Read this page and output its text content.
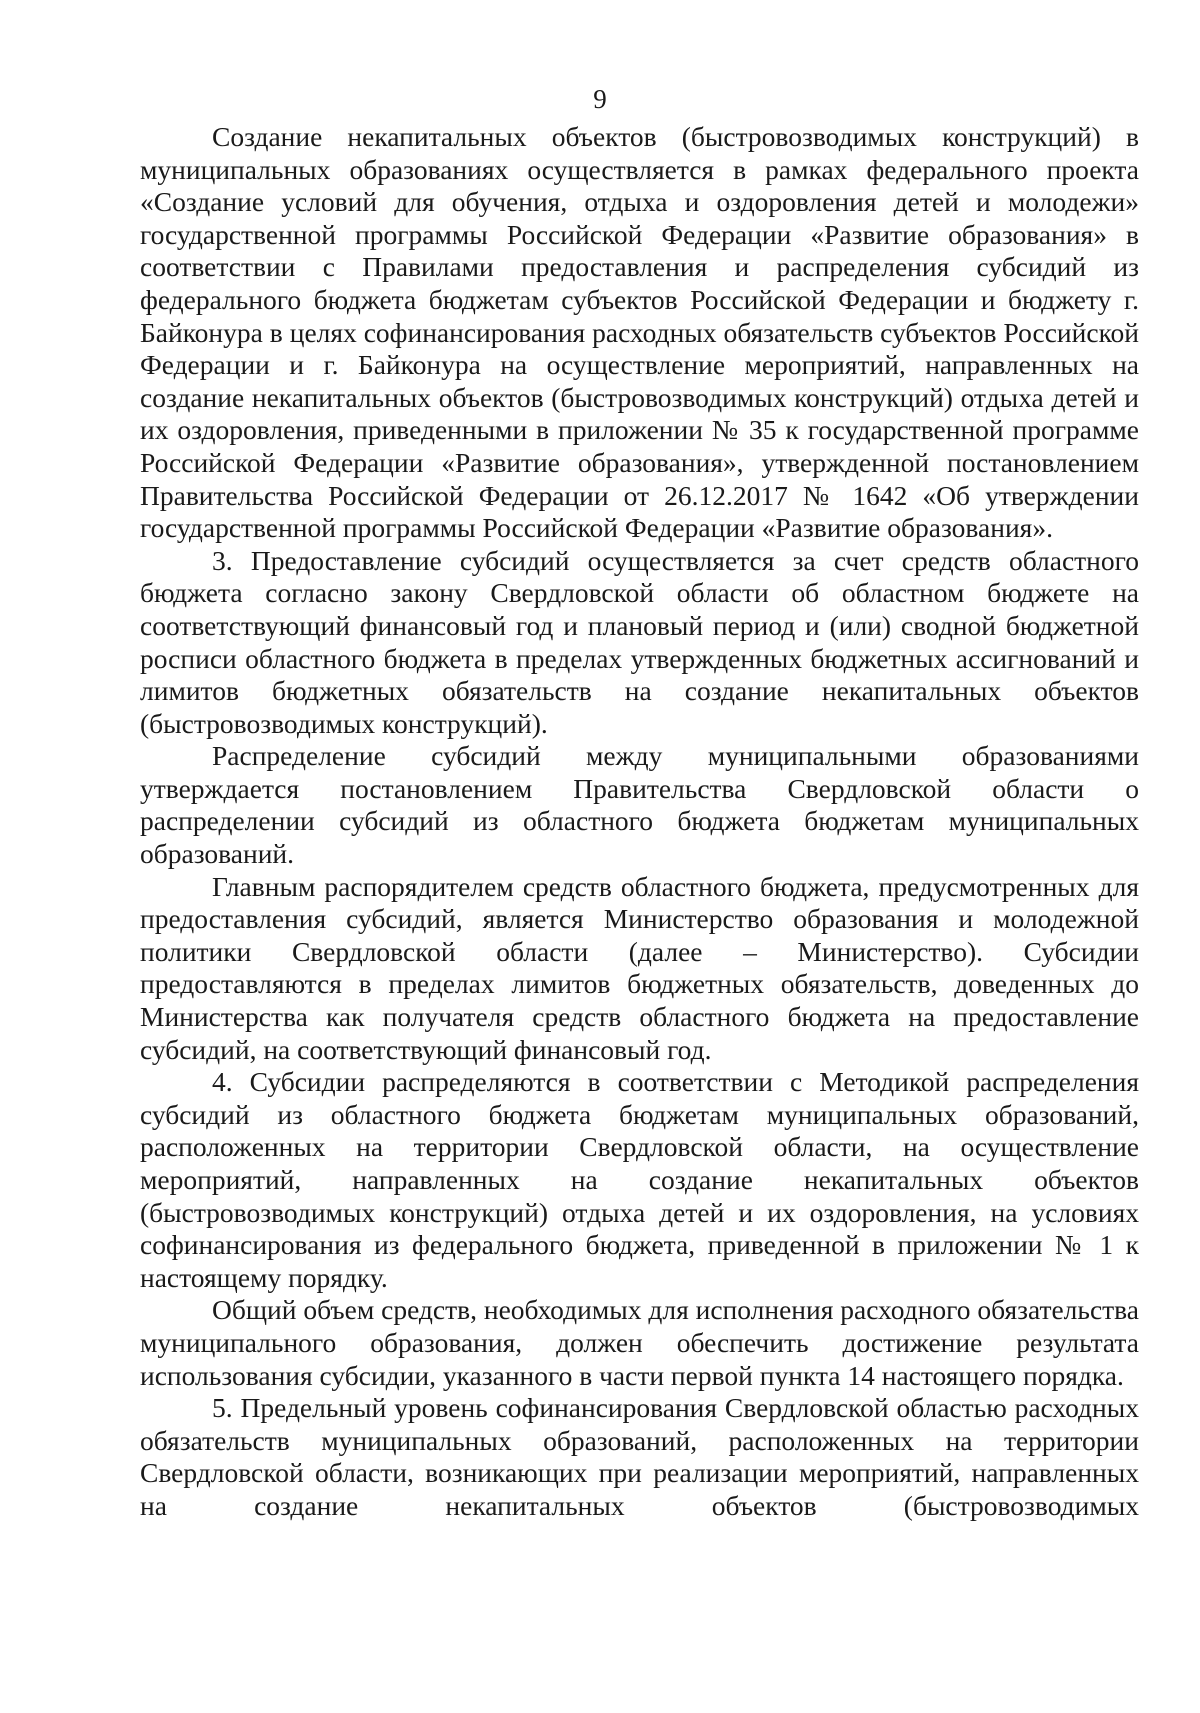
9

Создание некапитальных объектов (быстровозводимых конструкций) в муниципальных образованиях осуществляется в рамках федерального проекта «Создание условий для обучения, отдыха и оздоровления детей и молодежи» государственной программы Российской Федерации «Развитие образования» в соответствии с Правилами предоставления и распределения субсидий из федерального бюджета бюджетам субъектов Российской Федерации и бюджету г. Байконура в целях софинансирования расходных обязательств субъектов Российской Федерации и г. Байконура на осуществление мероприятий, направленных на создание некапитальных объектов (быстровозводимых конструкций) отдыха детей и их оздоровления, приведенными в приложении № 35 к государственной программе Российской Федерации «Развитие образования», утвержденной постановлением Правительства Российской Федерации от 26.12.2017 № 1642 «Об утверждении государственной программы Российской Федерации «Развитие образования».

3. Предоставление субсидий осуществляется за счет средств областного бюджета согласно закону Свердловской области об областном бюджете на соответствующий финансовый год и плановый период и (или) сводной бюджетной росписи областного бюджета в пределах утвержденных бюджетных ассигнований и лимитов бюджетных обязательств на создание некапитальных объектов (быстровозводимых конструкций).

Распределение субсидий между муниципальными образованиями утверждается постановлением Правительства Свердловской области о распределении субсидий из областного бюджета бюджетам муниципальных образований.

Главным распорядителем средств областного бюджета, предусмотренных для предоставления субсидий, является Министерство образования и молодежной политики Свердловской области (далее – Министерство). Субсидии предоставляются в пределах лимитов бюджетных обязательств, доведенных до Министерства как получателя средств областного бюджета на предоставление субсидий, на соответствующий финансовый год.

4. Субсидии распределяются в соответствии с Методикой распределения субсидий из областного бюджета бюджетам муниципальных образований, расположенных на территории Свердловской области, на осуществление мероприятий, направленных на создание некапитальных объектов (быстровозводимых конструкций) отдыха детей и их оздоровления, на условиях софинансирования из федерального бюджета, приведенной в приложении № 1 к настоящему порядку.

Общий объем средств, необходимых для исполнения расходного обязательства муниципального образования, должен обеспечить достижение результата использования субсидии, указанного в части первой пункта 14 настоящего порядка.

5. Предельный уровень софинансирования Свердловской областью расходных обязательств муниципальных образований, расположенных на территории Свердловской области, возникающих при реализации мероприятий, направленных на создание некапитальных объектов (быстровозводимых
